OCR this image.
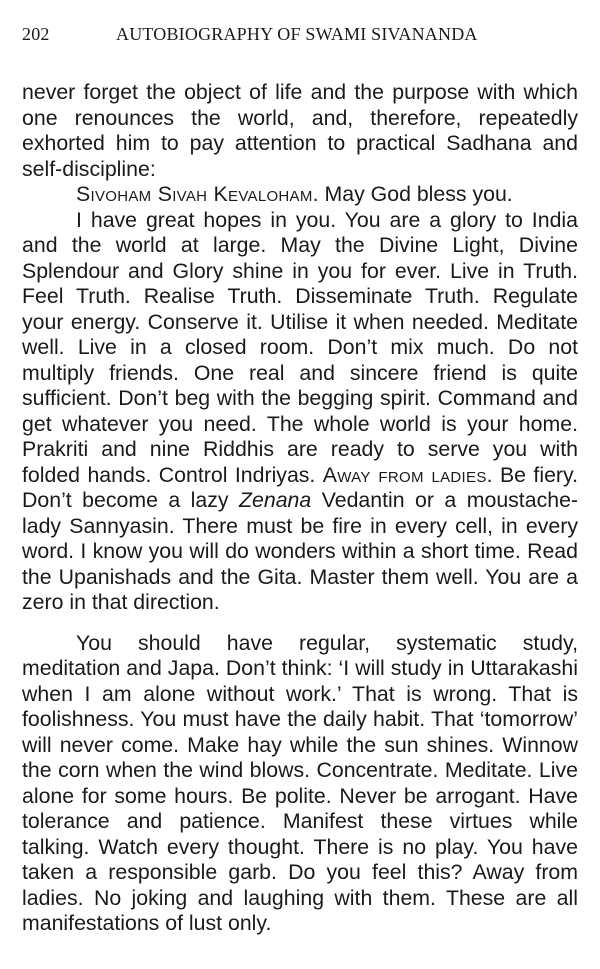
202	AUTOBIOGRAPHY OF SWAMI SIVANANDA

never forget the object of life and the purpose with which one renounces the world, and, therefore, repeatedly exhorted him to pay attention to practical Sadhana and self-discipline:

Sivoham Sivah Kevaloham. May God bless you.

I have great hopes in you. You are a glory to India and the world at large. May the Divine Light, Divine Splendour and Glory shine in you for ever. Live in Truth. Feel Truth. Realise Truth. Disseminate Truth. Regulate your energy. Conserve it. Utilise it when needed. Meditate well. Live in a closed room. Don’t mix much. Do not multiply friends. One real and sincere friend is quite sufficient. Don’t beg with the begging spirit. Command and get whatever you need. The whole world is your home. Prakriti and nine Riddhis are ready to serve you with folded hands. Control Indriyas. Away from ladies. Be fiery. Don’t become a lazy Zenana Vedantin or a moustache-lady Sannyasin. There must be fire in every cell, in every word. I know you will do wonders within a short time. Read the Upanishads and the Gita. Master them well. You are a zero in that direction.

You should have regular, systematic study, meditation and Japa. Don’t think: ‘I will study in Uttarakashi when I am alone without work.’ That is wrong. That is foolishness. You must have the daily habit. That ‘tomorrow’ will never come. Make hay while the sun shines. Winnow the corn when the wind blows. Concentrate. Meditate. Live alone for some hours. Be polite. Never be arrogant. Have tolerance and patience. Manifest these virtues while talking. Watch every thought. There is no play. You have taken a responsible garb. Do you feel this? Away from ladies. No joking and laughing with them. These are all manifestations of lust only.
